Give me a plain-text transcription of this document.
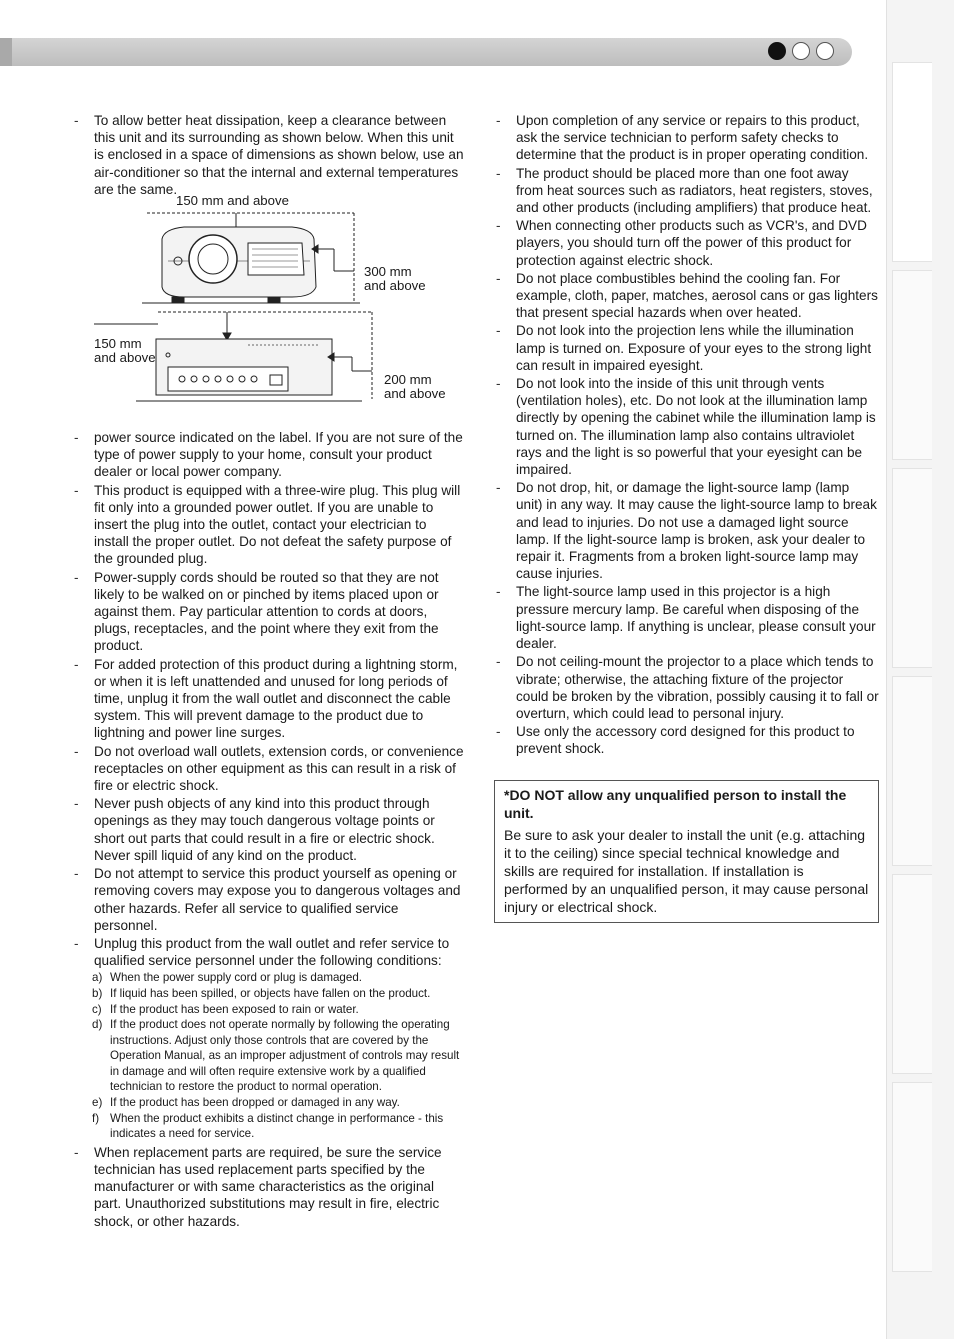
- To allow better heat dissipation, keep a clearance between this unit and its surrounding as shown below. When this unit is enclosed in a space of dimensions as shown below, use an air-conditioner so that the internal and external temperatures are the same.
150 mm and above
300 mm
and above
150 mm
and above
200 mm
and above
- power source indicated on the label. If you are not sure of the type of power supply to your home, consult your product dealer or local power company.
- This product is equipped with a three-wire plug. This plug will fit only into a grounded power outlet. If you are unable to insert the plug into the outlet, contact your electrician to install the proper outlet. Do not defeat the safety purpose of the grounded plug.
- Power-supply cords should be routed so that they are not likely to be walked on or pinched by items placed upon or against them. Pay particular attention to cords at doors, plugs, receptacles, and the point where they exit from the product.
- For added protection of this product during a lightning storm, or when it is left unattended and unused for long periods of time, unplug it from the wall outlet and disconnect the cable system. This will prevent damage to the product due to lightning and power line surges.
- Do not overload wall outlets, extension cords, or convenience receptacles on other equipment as this can result in a risk of fire or electric shock.
- Never push objects of any kind into this product through openings as they may touch dangerous voltage points or short out parts that could result in a fire or electric shock. Never spill liquid of any kind on the product.
- Do not attempt to service this product yourself as opening or removing covers may expose you to dangerous voltages and other hazards. Refer all service to qualified service personnel.
- Unplug this product from the wall outlet and refer service to qualified service personnel under the following conditions:
a) When the power supply cord or plug is damaged.
b) If liquid has been spilled, or objects have fallen on the product.
c) If the product has been exposed to rain or water.
d) If the product does not operate normally by following the operating instructions. Adjust only those controls that are covered by the Operation Manual, as an improper adjustment of controls may result in damage and will often require extensive work by a qualified technician to restore the product to normal operation.
e) If the product has been dropped or damaged in any way.
f) When the product exhibits a distinct change in performance - this indicates a need for service.
- When replacement parts are required, be sure the service technician has used replacement parts specified by the manufacturer or with same characteristics as the original part. Unauthorized substitutions may result in fire, electric shock, or other hazards.
- Upon completion of any service or repairs to this product, ask the service technician to perform safety checks to determine that the product is in proper operating condition.
- The product should be placed more than one foot away from heat sources such as radiators, heat registers, stoves, and other products (including amplifiers) that produce heat.
- When connecting other products such as VCR's, and DVD players, you should turn off the power of this product for protection against electric shock.
- Do not place combustibles behind the cooling fan. For example, cloth, paper, matches, aerosol cans or gas lighters that present special hazards when over heated.
- Do not look into the projection lens while the illumination lamp is turned on. Exposure of your eyes to the strong light can result in impaired eyesight.
- Do not look into the inside of this unit through vents (ventilation holes), etc. Do not look at the illumination lamp directly by opening the cabinet while the illumination lamp is turned on. The illumination lamp also contains ultraviolet rays and the light is so powerful that your eyesight can be impaired.
- Do not drop, hit, or damage the light-source lamp (lamp unit) in any way. It may cause the light-source lamp to break and lead to injuries. Do not use a damaged light source lamp. If the light-source lamp is broken, ask your dealer to repair it. Fragments from a broken light-source lamp may cause injuries.
- The light-source lamp used in this projector is a high pressure mercury lamp. Be careful when disposing of the light-source lamp. If anything is unclear, please consult your dealer.
- Do not ceiling-mount the projector to a place which tends to vibrate; otherwise, the attaching fixture of the projector could be broken by the vibration, possibly causing it to fall or overturn, which could lead to personal injury.
- Use only the accessory cord designed for this product to prevent shock.
*DO NOT allow any unqualified person to install the unit.
Be sure to ask your dealer to install the unit (e.g. attaching it to the ceiling) since special technical knowledge and skills are required for installation. If installation is performed by an unqualified person, it may cause personal injury or electrical shock.
